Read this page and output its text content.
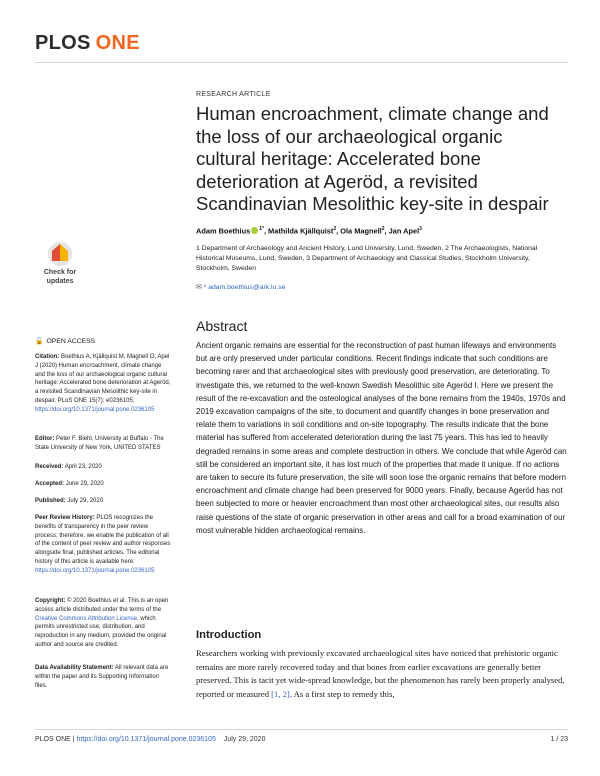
PLOS ONE
RESEARCH ARTICLE
Human encroachment, climate change and the loss of our archaeological organic cultural heritage: Accelerated bone deterioration at Ageröd, a revisited Scandinavian Mesolithic key-site in despair
Adam Boethius $^{1*}$, Mathilda Kjällquist$^2$, Ola Magnell$^2$, Jan Apel$^3$
1 Department of Archaeology and Ancient History, Lund University, Lund, Sweden, 2 The Archaeologists, National Historical Museums, Lund, Sweden, 3 Department of Archaeology and Classical Studies, Stockholm University, Stockholm, Sweden
✉ * adam.boethius@ark.lu.se
Check for
updates
🔓 OPEN ACCESS
Citation: Boethius A, Kjällquist M, Magnell O, Apel J (2020) Human encroachment, climate change and the loss of our archaeological organic cultural heritage: Accelerated bone deterioration at Ageröd, a revisited Scandinavian Mesolithic key-site in despair. PLoS ONE 15(7): e0236105. https://doi.org/10.1371/journal.pone.0236105
Editor: Peter F. Biehl, University at Buffalo - The State University of New York, UNITED STATES
Received: April 23, 2020
Accepted: June 29, 2020
Published: July 29, 2020
Peer Review History: PLOS recognizes the benefits of transparency in the peer review process; therefore, we enable the publication of all of the content of peer review and author responses alongside final, published articles. The editorial history of this article is available here: https://doi.org/10.1371/journal.pone.0236105
Copyright: © 2020 Boethius et al. This is an open access article distributed under the terms of the Creative Commons Attribution License, which permits unrestricted use, distribution, and reproduction in any medium, provided the original author and source are credited.
Data Availability Statement: All relevant data are within the paper and its Supporting Information files.
Abstract
Ancient organic remains are essential for the reconstruction of past human lifeways and environments but are only preserved under particular conditions. Recent findings indicate that such conditions are becoming rarer and that archaeological sites with previously good preservation, are deteriorating. To investigate this, we returned to the well-known Swedish Mesolithic site Ageröd I. Here we present the result of the re-excavation and the osteological analyses of the bone remains from the 1940s, 1970s and 2019 excavation campaigns of the site, to document and quantify changes in bone preservation and relate them to variations in soil conditions and on-site topography. The results indicate that the bone material has suffered from accelerated deterioration during the last 75 years. This has led to heavily degraded remains in some areas and complete destruction in others. We conclude that while Ageröd can still be considered an important site, it has lost much of the properties that made it unique. If no actions are taken to secure its future preservation, the site will soon lose the organic remains that before modern encroachment and climate change had been preserved for 9000 years. Finally, because Ageröd has not been subjected to more or heavier encroachment than most other archaeological sites, our results also raise questions of the state of organic preservation in other areas and call for a broad examination of our most vulnerable hidden archaeological remains.
Introduction
Researchers working with previously excavated archaeological sites have noticed that prehistoric organic remains are more rarely recovered today and that bones from earlier excavations are generally better preserved. This is tacit yet wide-spread knowledge, but the phenomenon has rarely been properly analysed, reported or measured [1, 2]. As a first step to remedy this,
PLOS ONE | https://doi.org/10.1371/journal.pone.0236105 July 29, 2020	1 / 23
